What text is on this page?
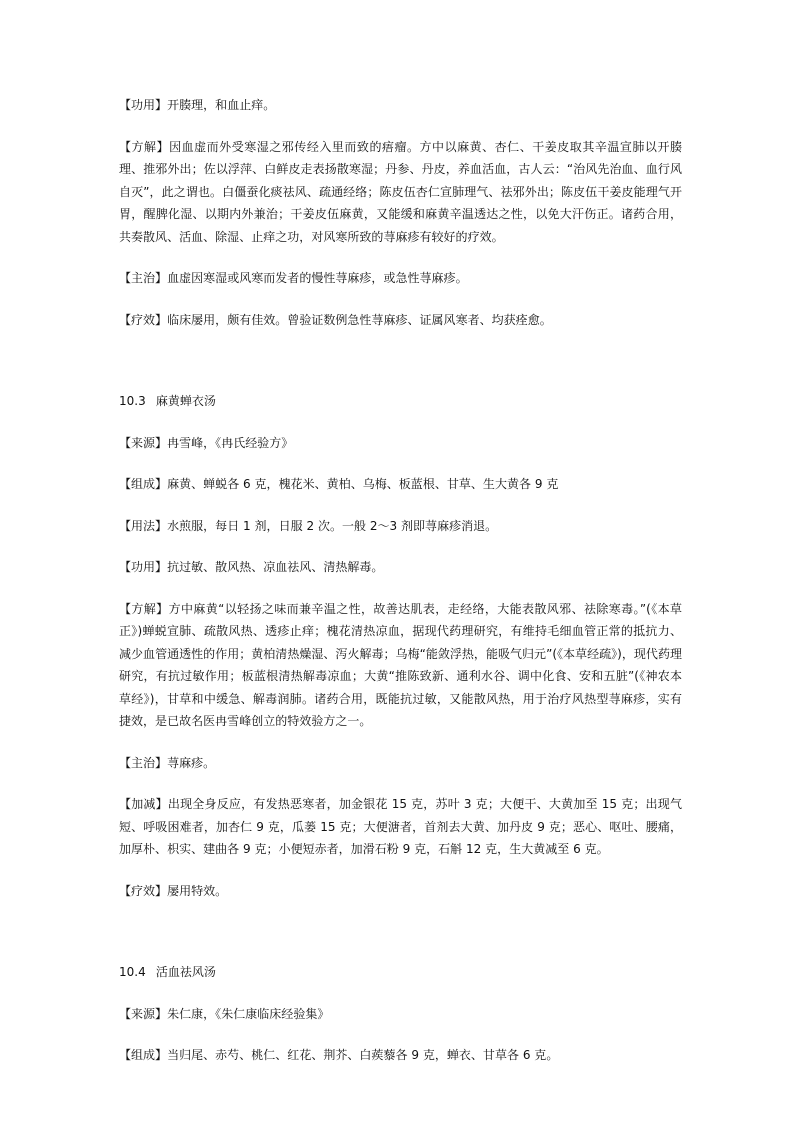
【功用】开腠理，和血止痒。

【方解】因血虚而外受寒湿之邪传经入里而致的痦瘤。方中以麻黄、杏仁、干姜皮取其辛温宣肺以开腠理、推邪外出；佐以浮萍、白鲜皮走表扬散寒湿；丹参、丹皮，养血活血，古人云：“治风先治血、血行风自灭”，此之谓也。白僵蚕化痰祛风、疏通经络；陈皮伍杏仁宣肺理气、祛邪外出；陈皮伍干姜皮能理气开胃，醒脾化湿、以期内外兼治；干姜皮伍麻黄，又能缓和麻黄辛温透达之性，以免大汗伤正。诸药合用，共奏散风、活血、除湿、止痒之功，对风寒所致的荨麻疹有较好的疗效。

【主治】血虚因寒湿或风寒而发者的慢性荨麻疹，或急性荨麻疹。

【疗效】临床屡用，颇有佳效。曾验证数例急性荨麻疹、证属风寒者、均获痊愈。

10.3 麻黄蝉衣汤

【来源】冉雪峰，《冉氏经验方》

【组成】麻黄、蝉蜕各 6 克，槐花米、黄柏、乌梅、板蓝根、甘草、生大黄各 9 克

【用法】水煎服，每日 1 剂，日服 2 次。一般 2～3 剂即荨麻疹消退。

【功用】抗过敏、散风热、凉血祛风、清热解毒。

【方解】方中麻黄“以轻扬之味而兼辛温之性，故善达肌表，走经络，大能表散风邪、祛除寒毒。”(《本草正》)蝉蜕宣肺、疏散风热、透疹止痒；槐花清热凉血，据现代药理研究，有维持毛细血管正常的抵抗力、减少血管通透性的作用；黄柏清热燥湿、泻火解毒；乌梅“能敛浮热，能吸气归元”(《本草经疏》)，现代药理研究，有抗过敏作用；板蓝根清热解毒凉血；大黄“推陈致新、通利水谷、调中化食、安和五脏”(《神农本草经》)，甘草和中缓急、解毒润肺。诸药合用，既能抗过敏，又能散风热，用于治疗风热型荨麻疹，实有捷效，是已故名医冉雪峰创立的特效验方之一。

【主治】荨麻疹。

【加减】出现全身反应，有发热恶寒者，加金银花 15 克，苏叶 3 克；大便干、大黄加至 15 克；出现气短、呼吸困难者，加杏仁 9 克，瓜蒌 15 克；大便溏者，首剂去大黄、加丹皮 9 克；恶心、呕吐、腰痛，加厚朴、枳实、建曲各 9 克；小便短赤者，加滑石粉 9 克，石斛 12 克，生大黄减至 6 克。

【疗效】屡用特效。

10.4 活血祛风汤

【来源】朱仁康，《朱仁康临床经验集》

【组成】当归尾、赤芍、桃仁、红花、荆芥、白蒺藜各 9 克，蝉衣、甘草各 6 克。
